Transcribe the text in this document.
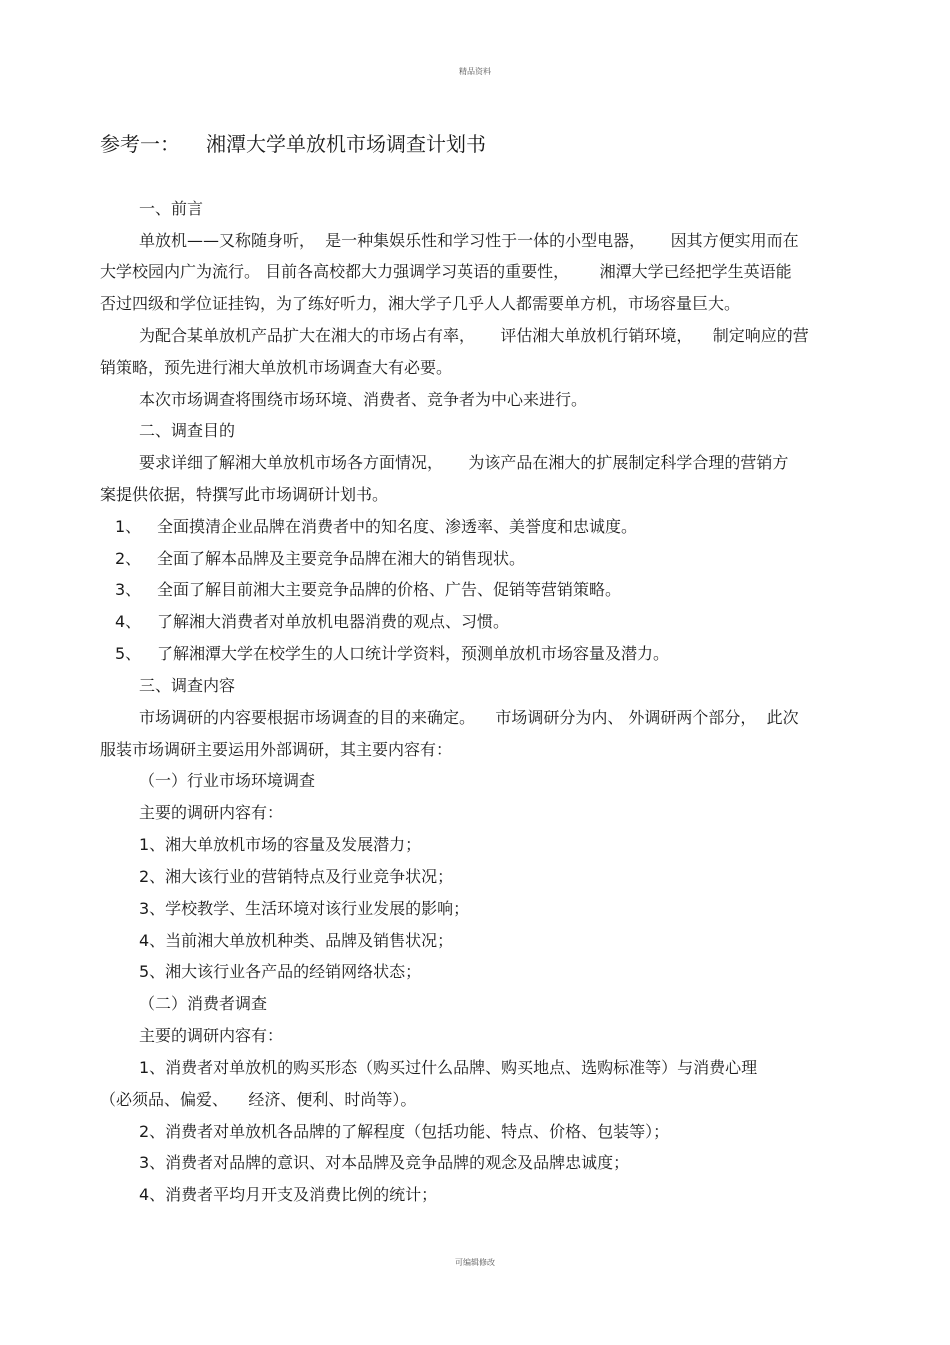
精品资料
参考一： 湘潭大学单放机市场调查计划书
一、前言
单放机——又称随身听，  是一种集娱乐性和学习性于一体的小型电器，     因其方便实用而在
大学校园内广为流行。 目前各高校都大力强调学习英语的重要性，      湘潭大学已经把学生英语能
否过四级和学位证挂钩，为了练好听力，湘大学子几乎人人都需要单方机，市场容量巨大。
为配合某单放机产品扩大在湘大的市场占有率，     评估湘大单放机行销环境，    制定响应的营
销策略，预先进行湘大单放机市场调查大有必要。
本次市场调查将围绕市场环境、消费者、竞争者为中心来进行。
二、调查目的
要求详细了解湘大单放机市场各方面情况，     为该产品在湘大的扩展制定科学合理的营销方
案提供依据，特撰写此市场调研计划书。
1、 全面摸清企业品牌在消费者中的知名度、渗透率、美誉度和忠诚度。
2、 全面了解本品牌及主要竞争品牌在湘大的销售现状。
3、 全面了解目前湘大主要竞争品牌的价格、广告、促销等营销策略。
4、 了解湘大消费者对单放机电器消费的观点、习惯。
5、 了解湘潭大学在校学生的人口统计学资料，预测单放机市场容量及潜力。
三、调查内容
市场调研的内容要根据市场调查的目的来确定。    市场调研分为内、 外调研两个部分，  此次
服装市场调研主要运用外部调研，其主要内容有：
（一）行业市场环境调查
主要的调研内容有：
1、湘大单放机市场的容量及发展潜力；
2、湘大该行业的营销特点及行业竞争状况；
3、学校教学、生活环境对该行业发展的影响；
4、当前湘大单放机种类、品牌及销售状况；
5、湘大该行业各产品的经销网络状态；
（二）消费者调查
主要的调研内容有：
1、消费者对单放机的购买形态（购买过什么品牌、购买地点、选购标准等）与消费心理
（必须品、偏爱、    经济、便利、时尚等）。
2、消费者对单放机各品牌的了解程度（包括功能、特点、价格、包装等）；
3、消费者对品牌的意识、对本品牌及竞争品牌的观念及品牌忠诚度；
4、消费者平均月开支及消费比例的统计；
可编辑修改
